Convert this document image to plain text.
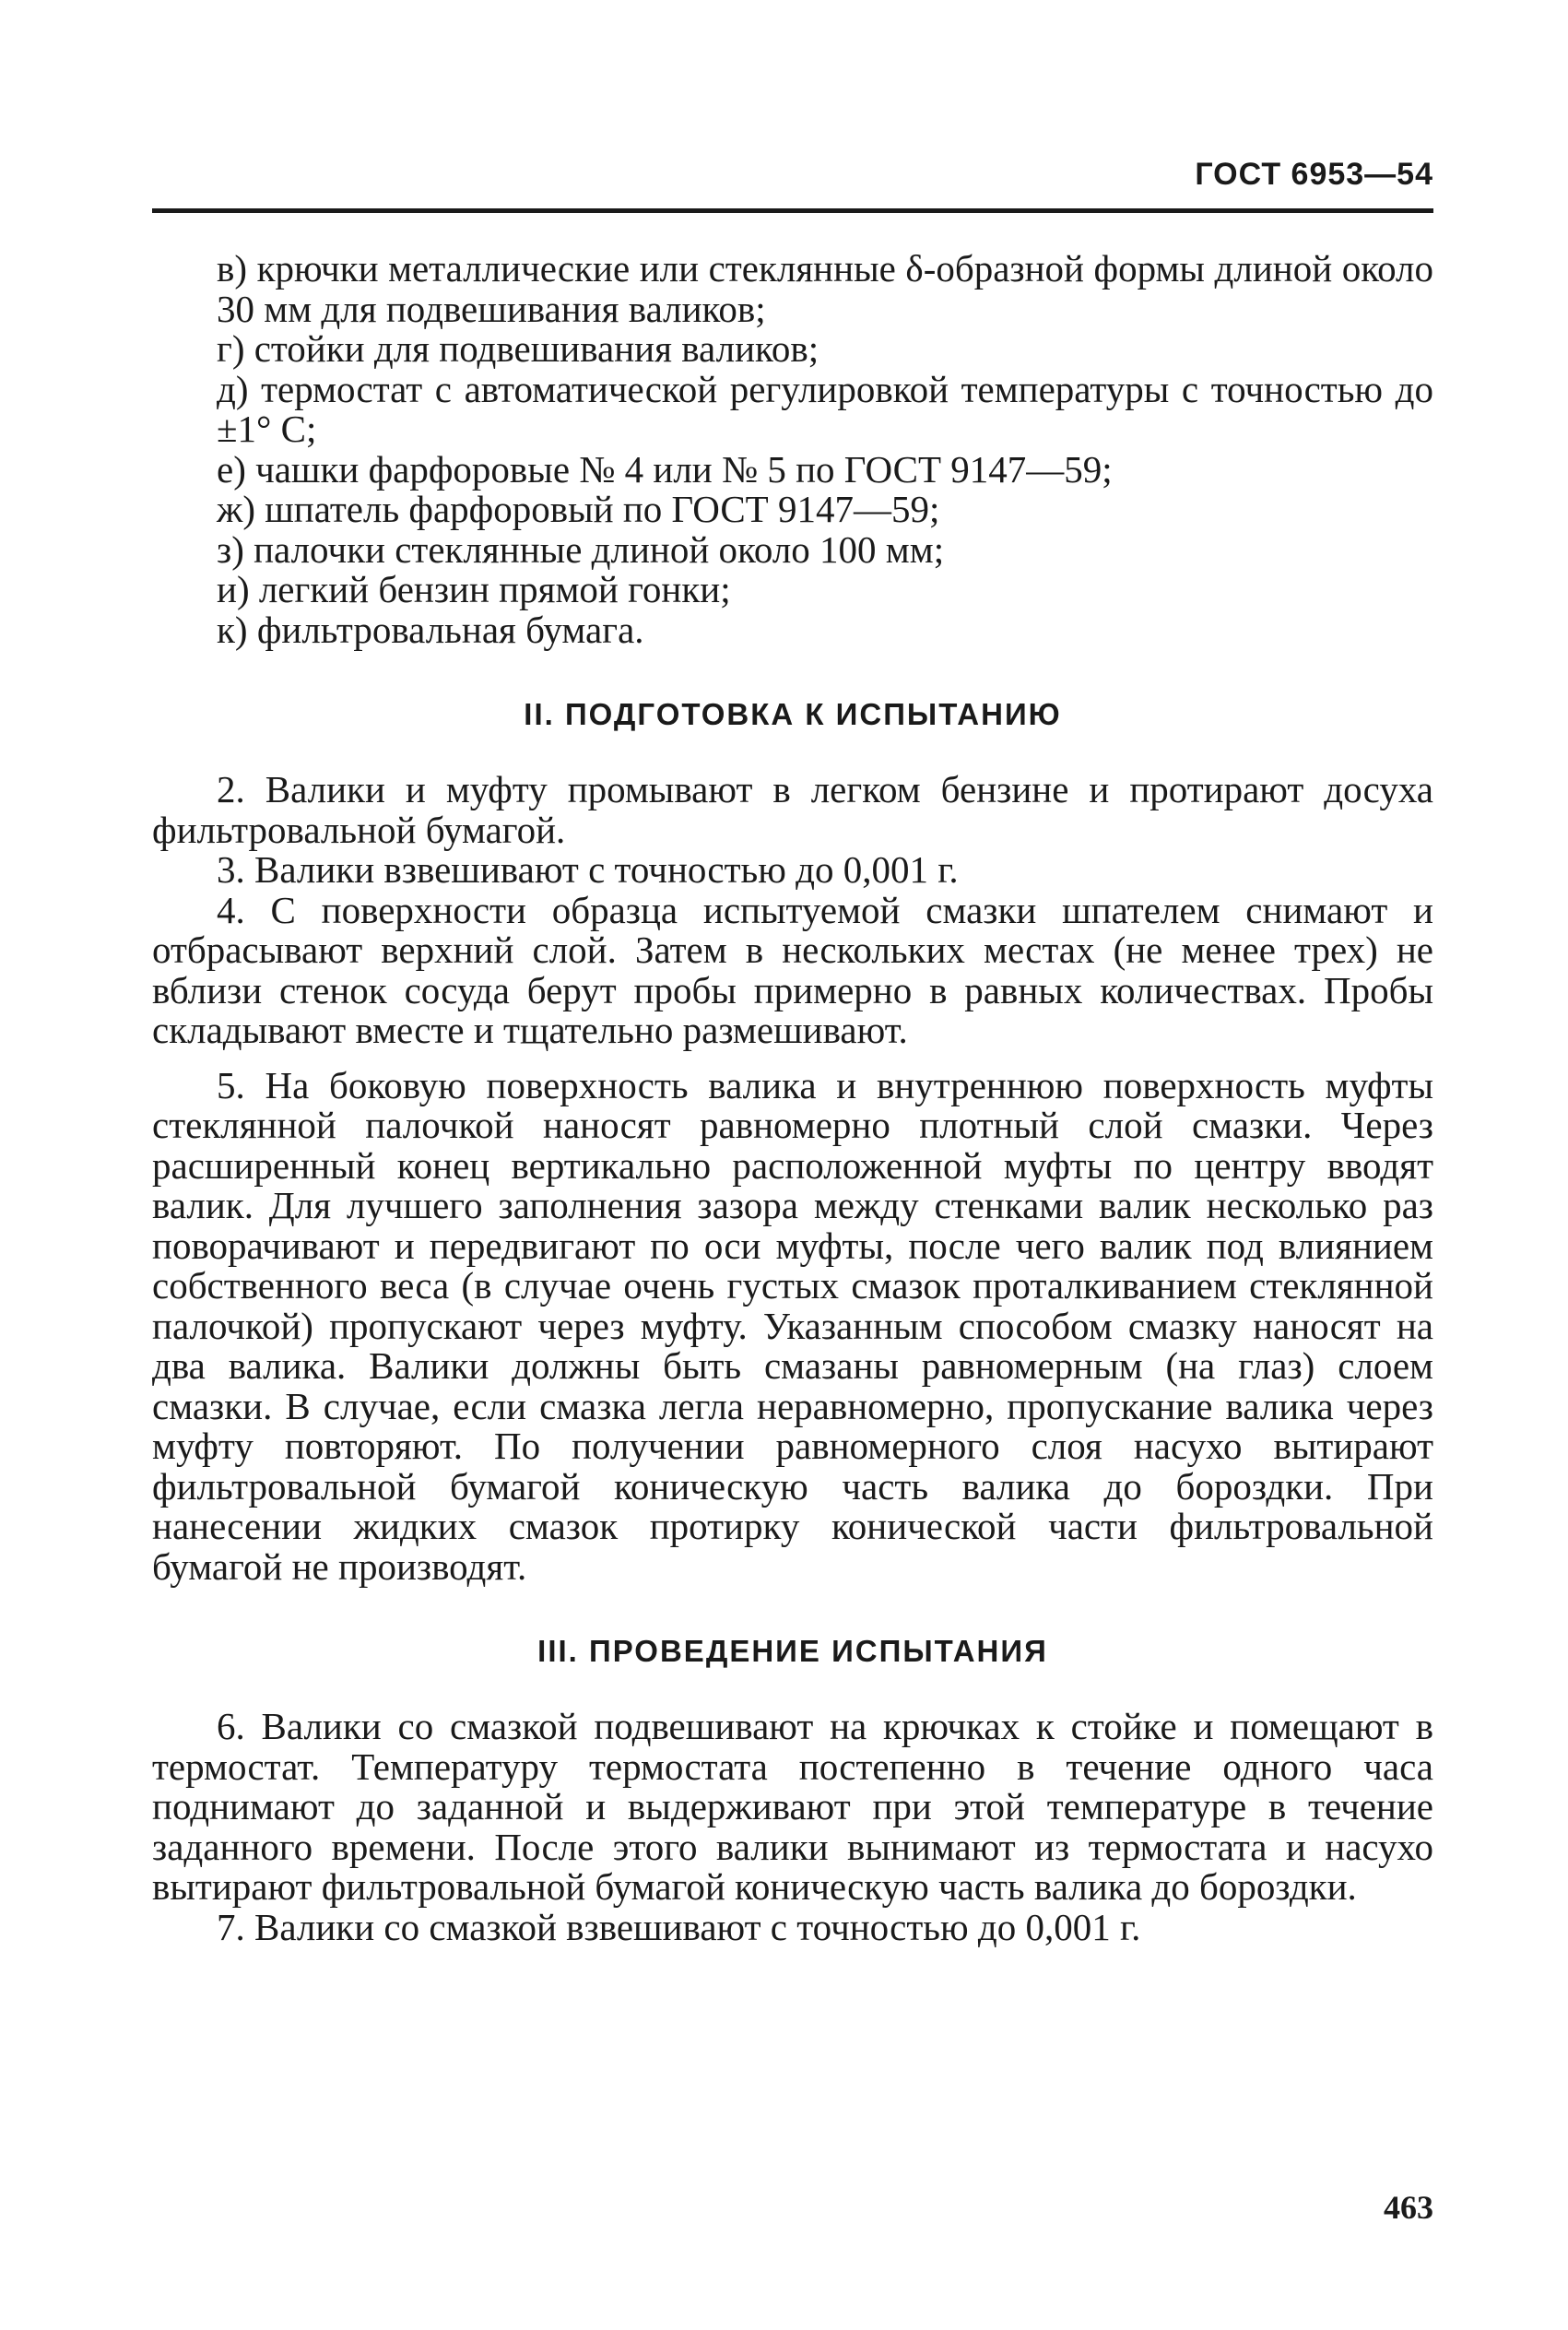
ГОСТ 6953—54

в) крючки металлические или стеклянные δ-образной формы длиной около 30 мм для подвешивания валиков;

г) стойки для подвешивания валиков;

д) термостат с автоматической регулировкой температуры с точностью до ±1° С;

е) чашки фарфоровые № 4 или № 5 по ГОСТ 9147—59;

ж) шпатель фарфоровый по ГОСТ 9147—59;

з) палочки стеклянные длиной около 100 мм;

и) легкий бензин прямой гонки;

к) фильтровальная бумага.

II. ПОДГОТОВКА К ИСПЫТАНИЮ

2. Валики и муфту промывают в легком бензине и протирают досуха фильтровальной бумагой.

3. Валики взвешивают с точностью до 0,001 г.

4. С поверхности образца испытуемой смазки шпателем снимают и отбрасывают верхний слой. Затем в нескольких местах (не менее трех) не вблизи стенок сосуда берут пробы примерно в равных количествах. Пробы складывают вместе и тщательно размешивают.

5. На боковую поверхность валика и внутреннюю поверхность муфты стеклянной палочкой наносят равномерно плотный слой смазки. Через расширенный конец вертикально расположенной муфты по центру вводят валик. Для лучшего заполнения зазора между стенками валик несколько раз поворачивают и передвигают по оси муфты, после чего валик под влиянием собственного веса (в случае очень густых смазок проталкиванием стеклянной палочкой) пропускают через муфту. Указанным способом смазку наносят на два валика. Валики должны быть смазаны равномерным (на глаз) слоем смазки. В случае, если смазка легла неравномерно, пропускание валика через муфту повторяют. По получении равномерного слоя насухо вытирают фильтровальной бумагой коническую часть валика до бороздки. При нанесении жидких смазок протирку конической части фильтровальной бумагой не производят.

III. ПРОВЕДЕНИЕ ИСПЫТАНИЯ

6. Валики со смазкой подвешивают на крючках к стойке и помещают в термостат. Температуру термостата постепенно в течение одного часа поднимают до заданной и выдерживают при этой температуре в течение заданного времени. После этого валики вынимают из термостата и насухо вытирают фильтровальной бумагой коническую часть валика до бороздки.

7. Валики со смазкой взвешивают с точностью до 0,001 г.

463
